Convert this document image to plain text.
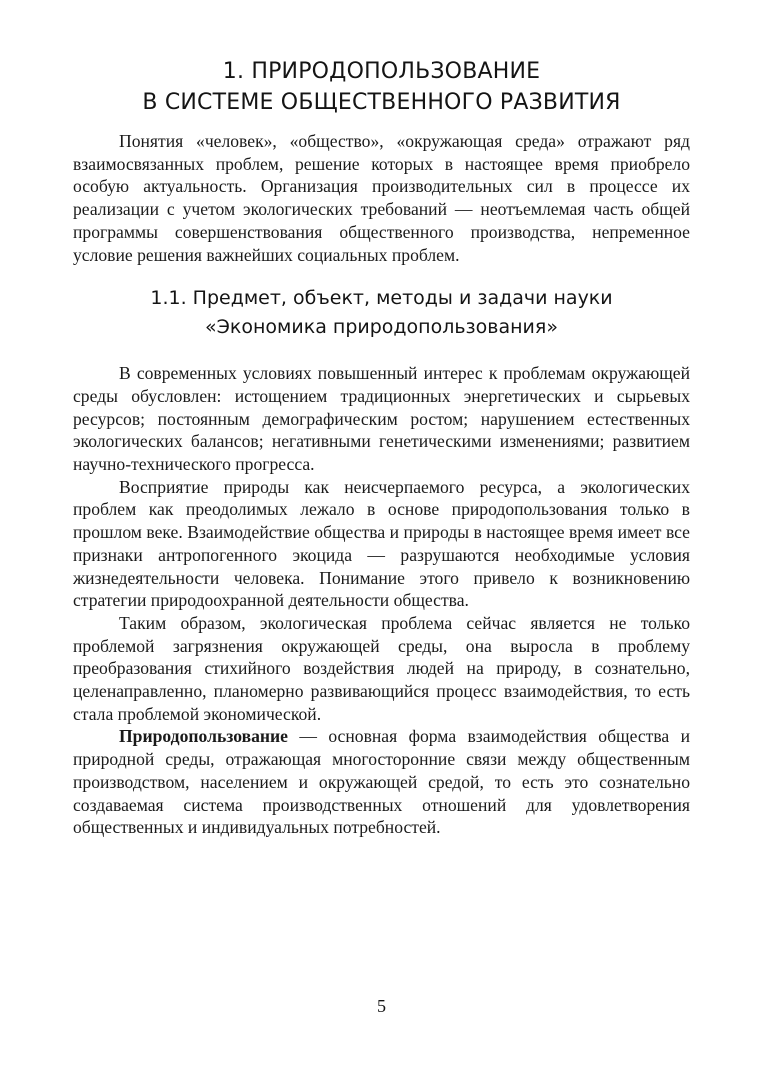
1. ПРИРОДОПОЛЬЗОВАНИЕ
В СИСТЕМЕ ОБЩЕСТВЕННОГО РАЗВИТИЯ

Понятия «человек», «общество», «окружающая среда» отражают ряд взаимосвязанных проблем, решение которых в настоящее время приобрело особую актуальность. Организация производительных сил в процессе их реализации с учетом экологических требований — неотъемлемая часть общей программы совершенствования общественного производства, непременное условие решения важнейших социальных проблем.

1.1. Предмет, объект, методы и задачи науки
«Экономика природопользования»

В современных условиях повышенный интерес к проблемам окружающей среды обусловлен: истощением традиционных энергетических и сырьевых ресурсов; постоянным демографическим ростом; нарушением естественных экологических балансов; негативными генетическими изменениями; развитием научно-технического прогресса.

Восприятие природы как неисчерпаемого ресурса, а экологических проблем как преодолимых лежало в основе природопользования только в прошлом веке. Взаимодействие общества и природы в настоящее время имеет все признаки антропогенного экоцида — разрушаются необходимые условия жизнедеятельности человека. Понимание этого привело к возникновению стратегии природоохранной деятельности общества.

Таким образом, экологическая проблема сейчас является не только проблемой загрязнения окружающей среды, она выросла в проблему преобразования стихийного воздействия людей на природу, в сознательно, целенаправленно, планомерно развивающийся процесс взаимодействия, то есть стала проблемой экономической.

Природопользование — основная форма взаимодействия общества и природной среды, отражающая многосторонние связи между общественным производством, населением и окружающей средой, то есть это сознательно создаваемая система производственных отношений для удовлетворения общественных и индивидуальных потребностей.

5
